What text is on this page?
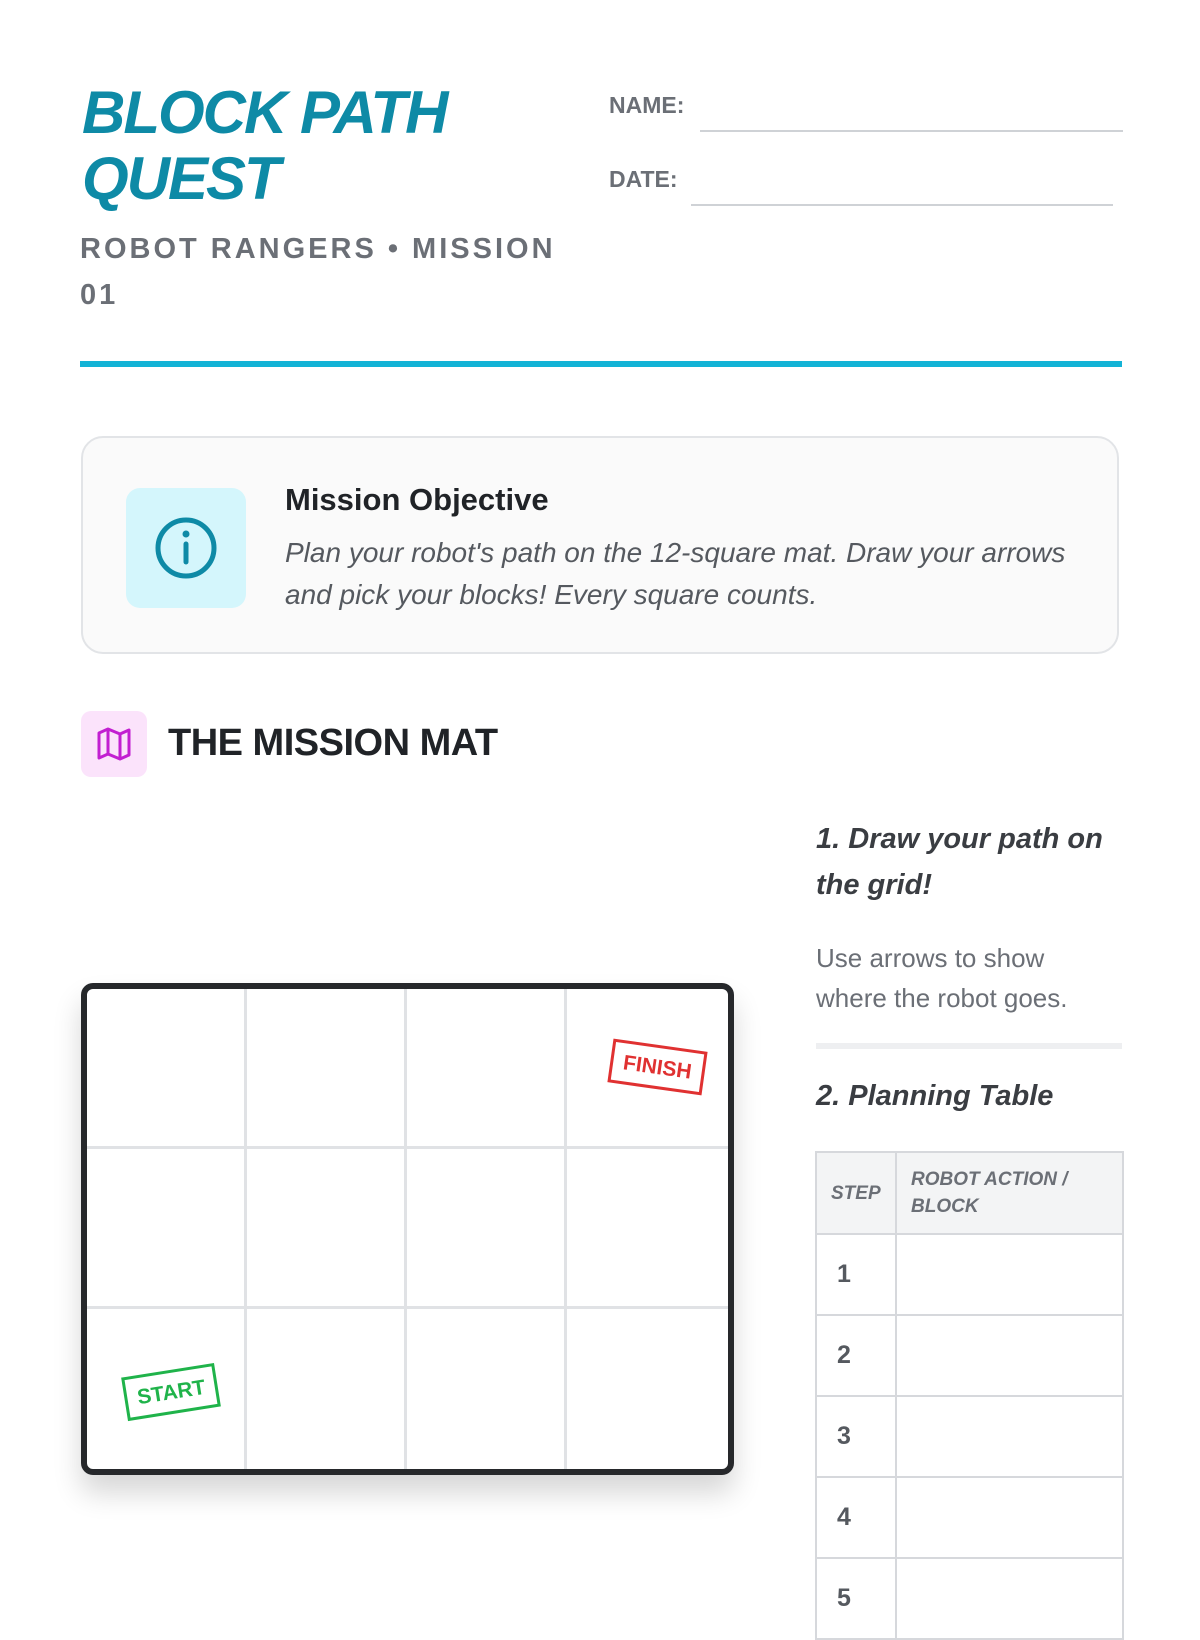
BLOCK PATH
QUEST
ROBOT RANGERS • MISSION 01
NAME:
DATE:
Mission Objective
Plan your robot's path on the 12-square mat. Draw your arrows and pick your blocks! Every square counts.
THE MISSION MAT
FINISH
START
1. Draw your path on the grid!
Use arrows to show where the robot goes.
2. Planning Table
STEP	ROBOT ACTION / BLOCK
1	
2	
3	
4	
5	
